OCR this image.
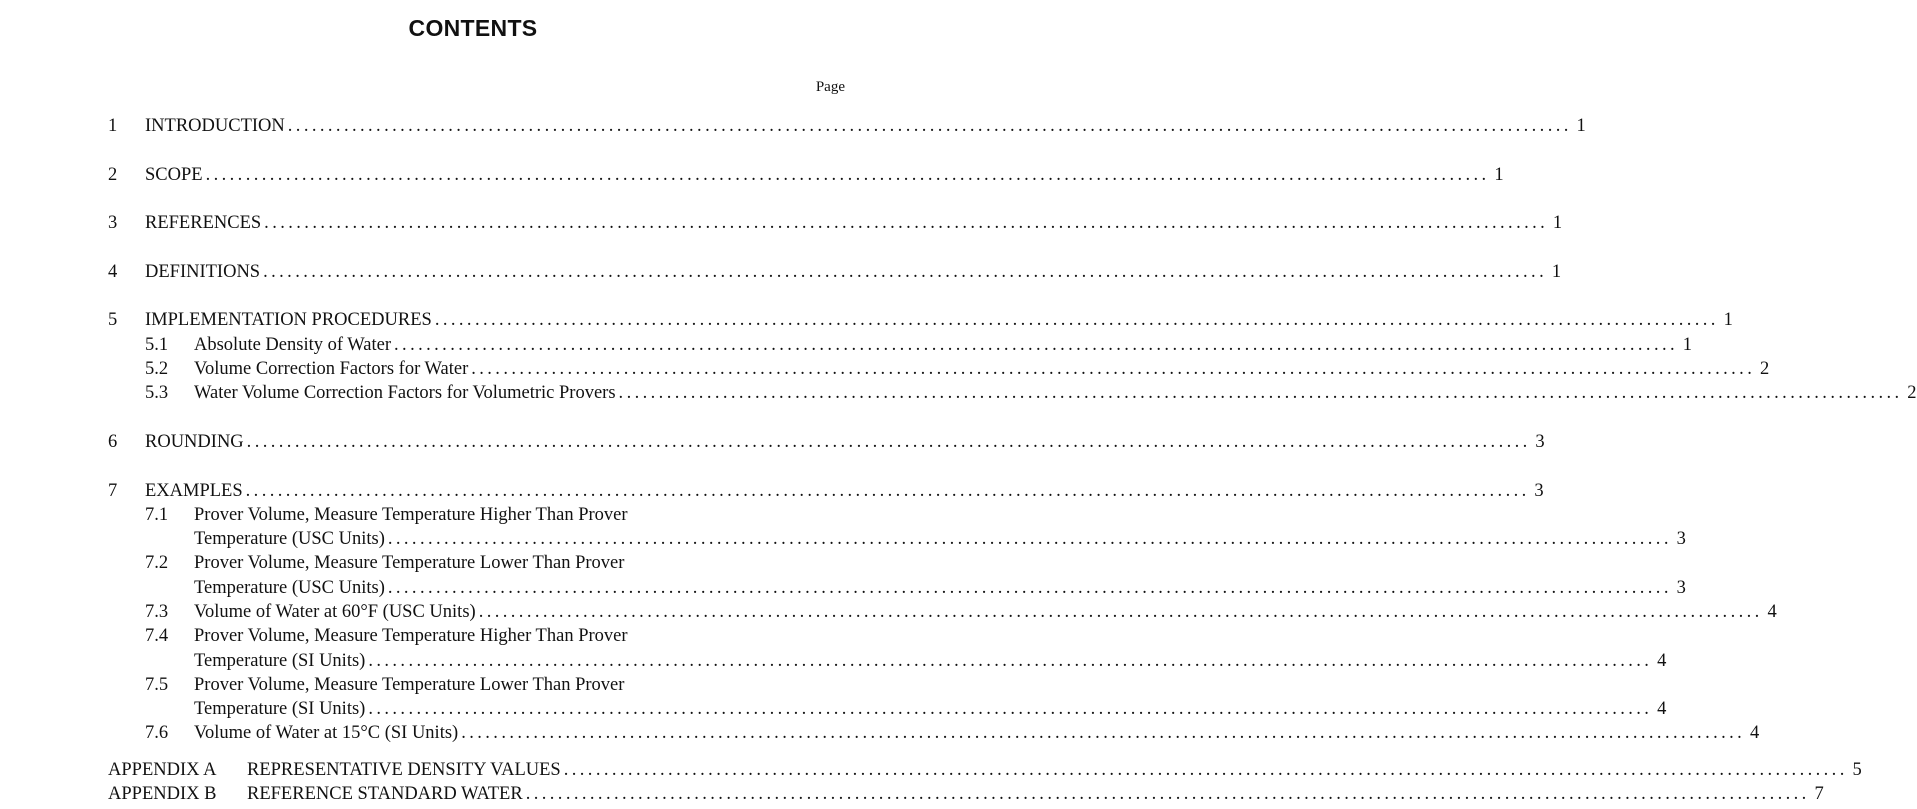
CONTENTS
Page
1 INTRODUCTION ................................................................................................................................................................ 1
2 SCOPE ................................................................................................................................................................ 1
3 REFERENCES ................................................................................................................................................................ 1
4 DEFINITIONS ................................................................................................................................................................ 1
5 IMPLEMENTATION PROCEDURES ................................................................................................................................................................ 1
5.1 Absolute Density of Water ................................................................................................................................................................ 1
5.2 Volume Correction Factors for Water ................................................................................................................................................................ 2
5.3 Water Volume Correction Factors for Volumetric Provers ................................................................................................................................................................ 2
6 ROUNDING ................................................................................................................................................................ 3
7 EXAMPLES ................................................................................................................................................................ 3
7.1 Prover Volume, Measure Temperature Higher Than Prover
Temperature (USC Units) ................................................................................................................................................................ 3
7.2 Prover Volume, Measure Temperature Lower Than Prover
Temperature (USC Units) ................................................................................................................................................................ 3
7.3 Volume of Water at 60°F (USC Units) ................................................................................................................................................................ 4
7.4 Prover Volume, Measure Temperature Higher Than Prover
Temperature (SI Units) ................................................................................................................................................................ 4
7.5 Prover Volume, Measure Temperature Lower Than Prover
Temperature (SI Units) ................................................................................................................................................................ 4
7.6 Volume of Water at 15°C (SI Units) ................................................................................................................................................................ 4
APPENDIX A REPRESENTATIVE DENSITY VALUES ................................................................................................................................................................ 5
APPENDIX B REFERENCE STANDARD WATER ................................................................................................................................................................ 7
